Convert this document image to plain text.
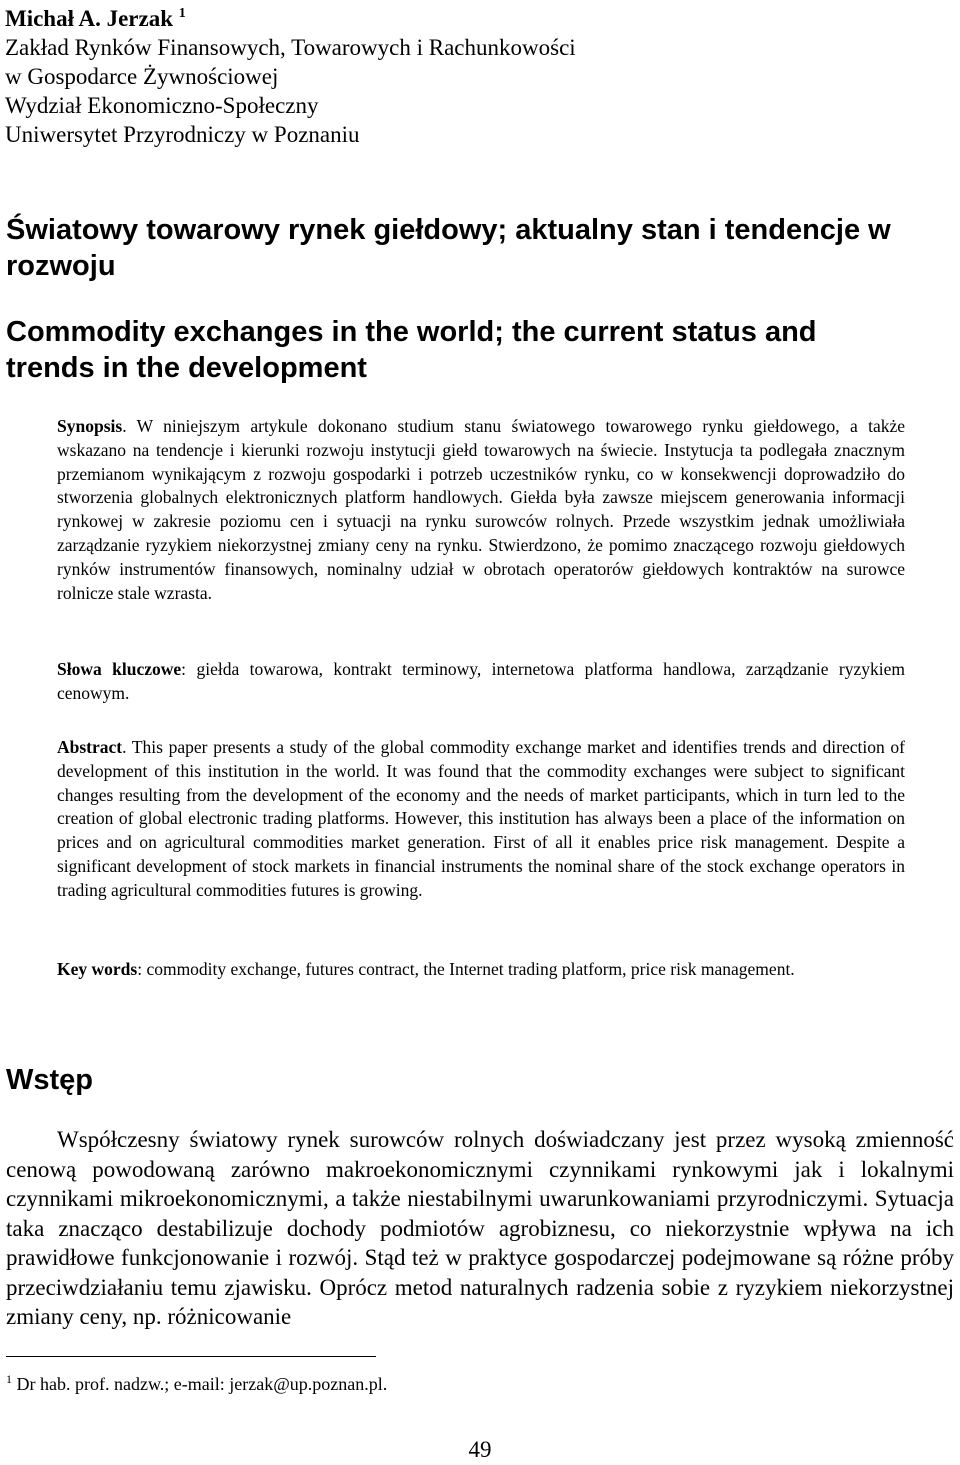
Michał A. Jerzak $^1$
Zakład Rynków Finansowych, Towarowych i Rachunkowości
w Gospodarce Żywnościowej
Wydział Ekonomiczno-Społeczny
Uniwersytet Przyrodniczy w Poznaniu
Światowy towarowy rynek giełdowy; aktualny stan i tendencje w rozwoju
Commodity exchanges in the world; the current status and trends in the development

Synopsis. W niniejszym artykule dokonano studium stanu światowego towarowego rynku giełdowego, a także wskazano na tendencje i kierunki rozwoju instytucji giełd towarowych na świecie. Instytucja ta podlegała znacznym przemianom wynikającym z rozwoju gospodarki i potrzeb uczestników rynku, co w konsekwencji doprowadziło do stworzenia globalnych elektronicznych platform handlowych. Giełda była zawsze miejscem generowania informacji rynkowej w zakresie poziomu cen i sytuacji na rynku surowców rolnych. Przede wszystkim jednak umożliwiała zarządzanie ryzykiem niekorzystnej zmiany ceny na rynku. Stwierdzono, że pomimo znaczącego rozwoju giełdowych rynków instrumentów finansowych, nominalny udział w obrotach operatorów giełdowych kontraktów na surowce rolnicze stale wzrasta.

Słowa kluczowe: giełda towarowa, kontrakt terminowy, internetowa platforma handlowa, zarządzanie ryzykiem cenowym.

Abstract. This paper presents a study of the global commodity exchange market and identifies trends and direction of development of this institution in the world. It was found that the commodity exchanges were subject to significant changes resulting from the development of the economy and the needs of market participants, which in turn led to the creation of global electronic trading platforms. However, this institution has always been a place of the information on prices and on agricultural commodities market generation. First of all it enables price risk management. Despite a significant development of stock markets in financial instruments the nominal share of the stock exchange operators in trading agricultural commodities futures is growing.

Key words: commodity exchange, futures contract, the Internet trading platform, price risk management.

Wstęp

Współczesny światowy rynek surowców rolnych doświadczany jest przez wysoką zmienność cenową powodowaną zarówno makroekonomicznymi czynnikami rynkowymi jak i lokalnymi czynnikami mikroekonomicznymi, a także niestabilnymi uwarunkowaniami przyrodniczymi. Sytuacja taka znacząco destabilizuje dochody podmiotów agrobiznesu, co niekorzystnie wpływa na ich prawidłowe funkcjonowanie i rozwój. Stąd też w praktyce gospodarczej podejmowane są różne próby przeciwdziałaniu temu zjawisku. Oprócz metod naturalnych radzenia sobie z ryzykiem niekorzystnej zmiany ceny, np. różnicowanie

$^1$ Dr hab. prof. nadzw.; e-mail: jerzak@up.poznan.pl.

49
